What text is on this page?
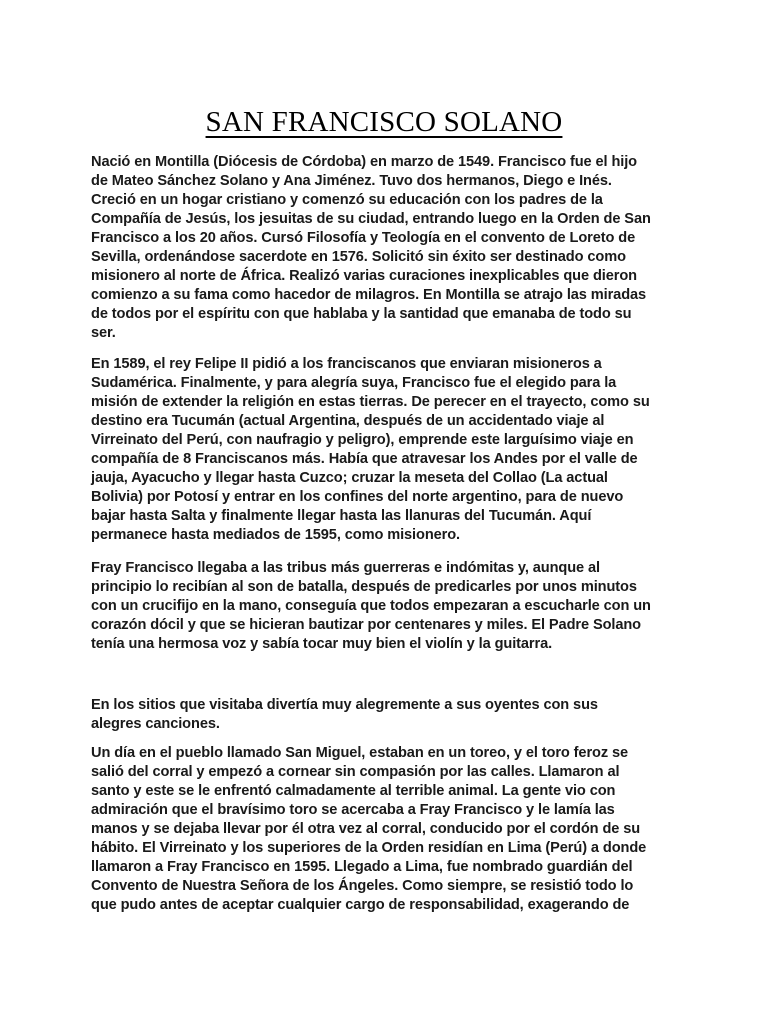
SAN FRANCISCO SOLANO

Nació en Montilla (Diócesis de Córdoba) en marzo de 1549. Francisco fue el hijo
de Mateo Sánchez Solano y Ana Jiménez. Tuvo dos hermanos, Diego e Inés.
Creció en un hogar cristiano y comenzó su educación con los padres de la
Compañía de Jesús, los jesuitas de su ciudad, entrando luego en la Orden de San
Francisco a los 20 años. Cursó Filosofía y Teología en el convento de Loreto de
Sevilla, ordenándose sacerdote en 1576. Solicitó sin éxito ser destinado como
misionero al norte de África. Realizó varias curaciones inexplicables que dieron
comienzo a su fama como hacedor de milagros. En Montilla se atrajo las miradas
de todos por el espíritu con que hablaba y la santidad que emanaba de todo su
ser.

En 1589, el rey Felipe II pidió a los franciscanos que enviaran misioneros a
Sudamérica. Finalmente, y para alegría suya, Francisco fue el elegido para la
misión de extender la religión en estas tierras. De perecer en el trayecto, como su
destino era Tucumán (actual Argentina, después de un accidentado viaje al
Virreinato del Perú, con naufragio y peligro), emprende este larguísimo viaje en
compañía de 8 Franciscanos más. Había que atravesar los Andes por el valle de
jauja, Ayacucho y llegar hasta Cuzco; cruzar la meseta del Collao (La actual
Bolivia) por Potosí y entrar en los confines del norte argentino, para de nuevo
bajar hasta Salta y finalmente llegar hasta las llanuras del Tucumán. Aquí
permanece hasta mediados de 1595, como misionero.

Fray Francisco llegaba a las tribus más guerreras e indómitas y, aunque al
principio lo recibían al son de batalla, después de predicarles por unos minutos
con un crucifijo en la mano, conseguía que todos empezaran a escucharle con un
corazón dócil y que se hicieran bautizar por centenares y miles. El Padre Solano
tenía una hermosa voz y sabía tocar muy bien el violín y la guitarra.

En los sitios que visitaba divertía muy alegremente a sus oyentes con sus
alegres canciones.

Un día en el pueblo llamado San Miguel, estaban en un toreo, y el toro feroz se
salió del corral y empezó a cornear sin compasión por las calles. Llamaron al
santo y este se le enfrentó calmadamente al terrible animal. La gente vio con
admiración que el bravísimo toro se acercaba a Fray Francisco y le lamía las
manos y se dejaba llevar por él otra vez al corral, conducido por el cordón de su
hábito. El Virreinato y los superiores de la Orden residían en Lima (Perú) a donde
llamaron a Fray Francisco en 1595. Llegado a Lima, fue nombrado guardián del
Convento de Nuestra Señora de los Ángeles. Como siempre, se resistió todo lo
que pudo antes de aceptar cualquier cargo de responsabilidad, exagerando de
